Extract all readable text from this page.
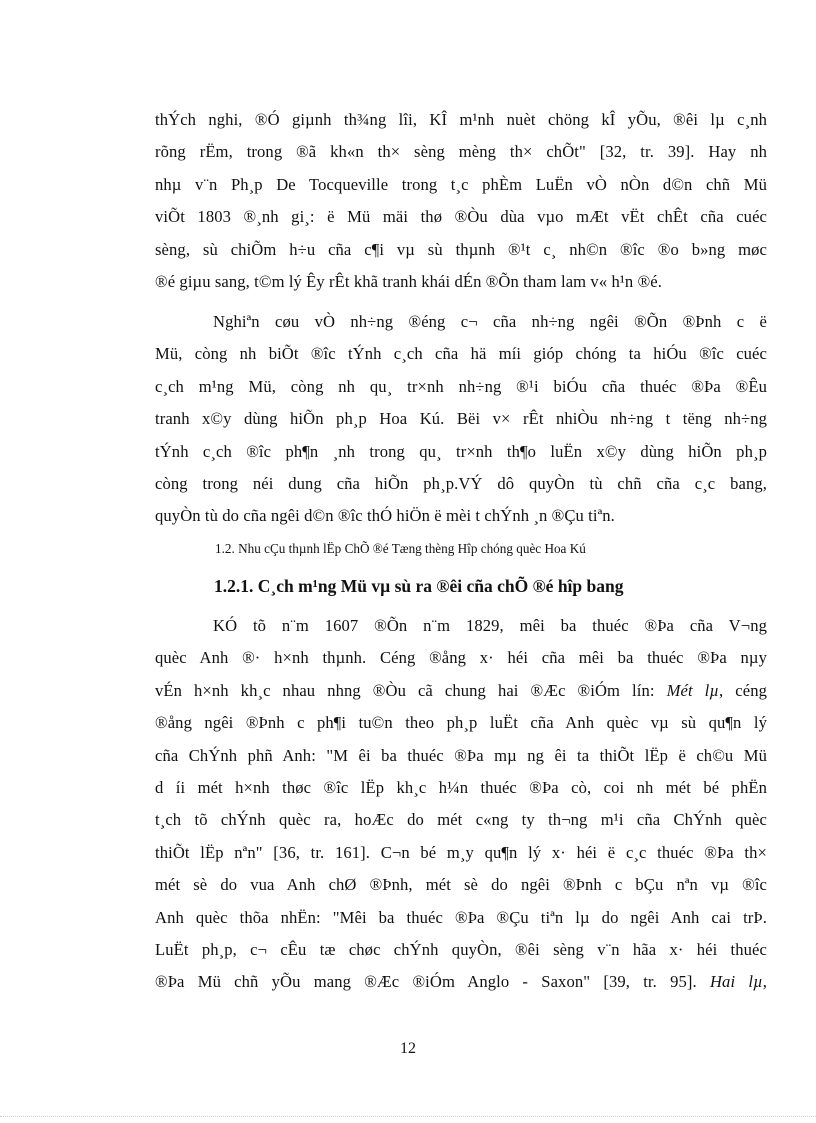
thÝch nghi, ®Ó giµnh th¾ng lîi, KÎ m¹nh nuèt chöng kÎ yÕu, ®êi lµ c¸nh
rõng rËm, trong ®ã kh«n th× sèng mèng th× chÕt" [32, tr. 39]. Hay nh
nhµ v¨n Ph¸p De Tocqueville trong t¸c phÈm LuËn vÒ nÒn d©n chñ Mü
viÕt 1803 ®¸nh gi¸: ë Mü mäi thø ®Òu dùa vµo mÆt vËt chÊt cña cuéc
sèng, sù chiÕm h÷u cña c¶i vµ sù thµnh ®¹t c¸ nh©n ®îc ®o b»ng møc
®é giµu sang, t©m lý Êy rÊt khã tranh khái dÉn ®Õn tham lam v« h¹n ®é.
Nghiªn cøu vÒ nh÷ng ®éng c¬ cña nh÷ng ngêi ®Õn ®Þnh c ë
Mü, còng nh biÕt ®îc tÝnh c¸ch cña hä míi gióp chóng ta hiÓu ®îc cuéc
c¸ch m¹ng Mü, còng nh qu¸ tr×nh nh÷ng ®¹i biÓu cña thuéc ®Þa ®Êu
tranh x©y dùng hiÕn ph¸p Hoa Kú. Bëi v× rÊt nhiÒu nh÷ng t tëng nh÷ng
tÝnh c¸ch ®îc ph¶n ¸nh trong qu¸ tr×nh th¶o luËn x©y dùng hiÕn ph¸p
còng trong néi dung cña hiÕn ph¸p.VÝ dô quyÒn tù chñ cña c¸c bang,
quyÒn tù do cña ngêi d©n ®îc thÓ hiÖn ë mèi t chÝnh ¸n ®Çu tiªn.
1.2. Nhu cÇu thµnh lËp ChÕ ®é Tæng thèng Hîp chóng quèc Hoa Kú
1.2.1. C¸ch m¹ng Mü vµ sù ra ®êi cña chÕ ®é hîp bang
KÓ tõ n¨m 1607 ®Õn n¨m 1829, mêi ba thuéc ®Þa cña V¬ng
quèc Anh ®· h×nh thµnh. Céng ®ång x· héi cña mêi ba thuéc ®Þa nµy
vÉn h×nh kh¸c nhau nhng ®Òu cã chung hai ®Æc ®iÓm lín: Mét lµ, céng
®ång ngêi ®Þnh c ph¶i tu©n theo ph¸p luËt cña Anh quèc vµ sù qu¶n lý
cña ChÝnh phñ Anh: "M êi ba thuéc ®Þa mµ ng êi ta thiÕt lËp ë ch©u Mü
d íi mét h×nh thøc ®îc lËp kh¸c h¼n thuéc ®Þa cò, coi nh mét bé phËn
t¸ch tõ chÝnh quèc ra, hoÆc do mét c«ng ty th¬ng m¹i cña ChÝnh quèc
thiÕt lËp nªn" [36, tr. 161]. C¬n bé m¸y qu¶n lý x· héi ë c¸c thuéc ®Þa th×
mét sè do vua Anh chØ ®Þnh, mét sè do ngêi ®Þnh c bÇu nªn vµ ®îc
Anh quèc thõa nhËn: "Mêi ba thuéc ®Þa ®Çu tiªn lµ do ngêi Anh cai trÞ.
LuËt ph¸p, c¬ cÊu tæ chøc chÝnh quyÒn, ®êi sèng v¨n hãa x· héi thuéc
®Þa Mü chñ yÕu mang ®Æc ®iÓm Anglo - Saxon" [39, tr. 95]. Hai lµ,
12
